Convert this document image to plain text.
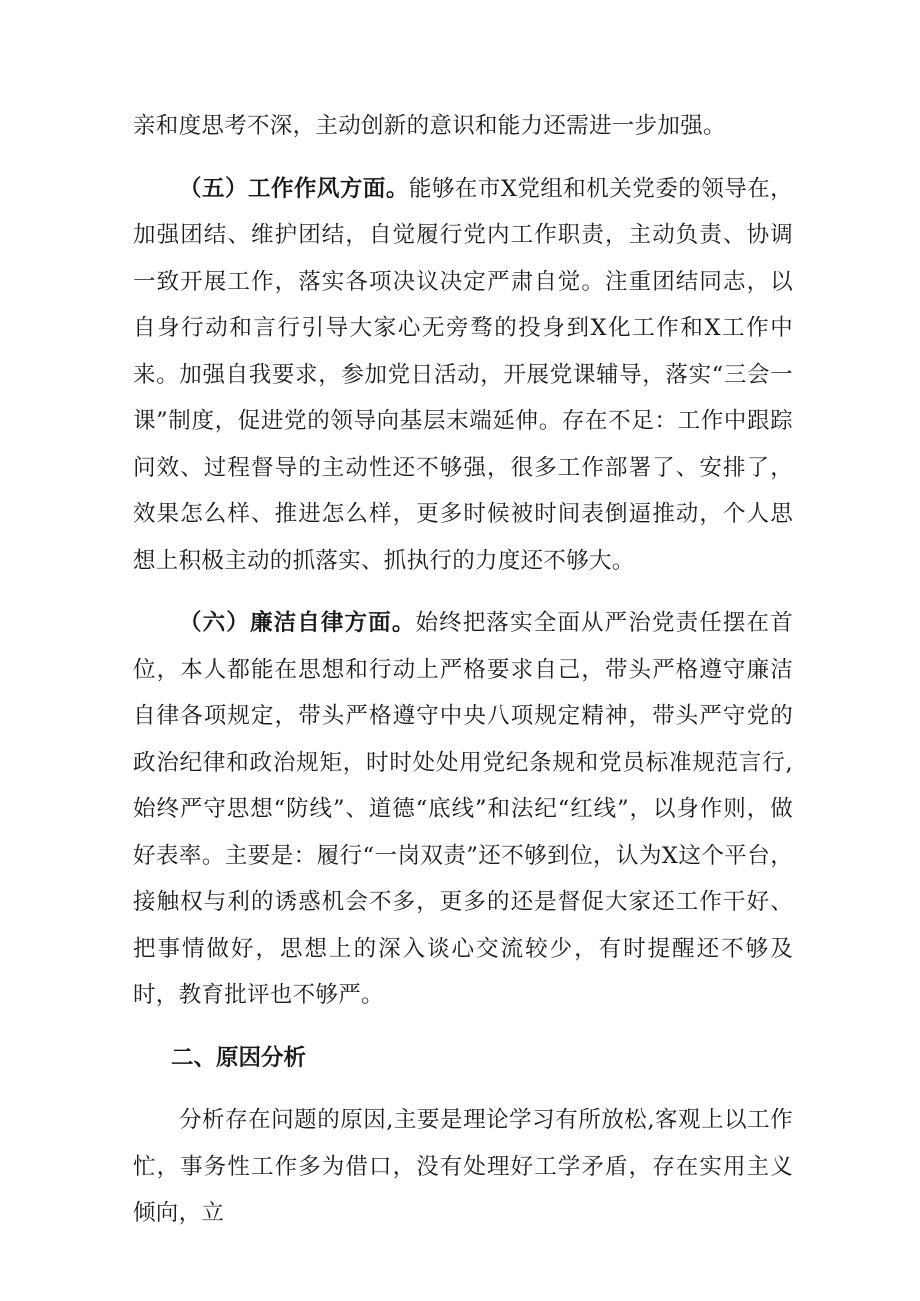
亲和度思考不深，主动创新的意识和能力还需进一步加强。

（五）工作作风方面。能够在市X党组和机关党委的领导在，加强团结、维护团结，自觉履行党内工作职责，主动负责、协调一致开展工作，落实各项决议决定严肃自觉。注重团结同志，以自身行动和言行引导大家心无旁骛的投身到X化工作和X工作中来。加强自我要求，参加党日活动，开展党课辅导，落实“三会一课”制度，促进党的领导向基层末端延伸。存在不足：工作中跟踪问效、过程督导的主动性还不够强，很多工作部署了、安排了，效果怎么样、推进怎么样，更多时候被时间表倒逼推动，个人思想上积极主动的抓落实、抓执行的力度还不够大。

（六）廉洁自律方面。始终把落实全面从严治党责任摆在首位，本人都能在思想和行动上严格要求自己，带头严格遵守廉洁自律各项规定，带头严格遵守中央八项规定精神，带头严守党的政治纪律和政治规矩，时时处处用党纪条规和党员标准规范言行,始终严守思想“防线”、道德“底线”和法纪“红线”，以身作则，做好表率。主要是：履行“一岗双责”还不够到位，认为X这个平台，接触权与利的诱惑机会不多，更多的还是督促大家还工作干好、把事情做好，思想上的深入谈心交流较少，有时提醒还不够及时，教育批评也不够严。

二、原因分析

分析存在问题的原因,主要是理论学习有所放松,客观上以工作忙，事务性工作多为借口，没有处理好工学矛盾，存在实用主义倾向，立
